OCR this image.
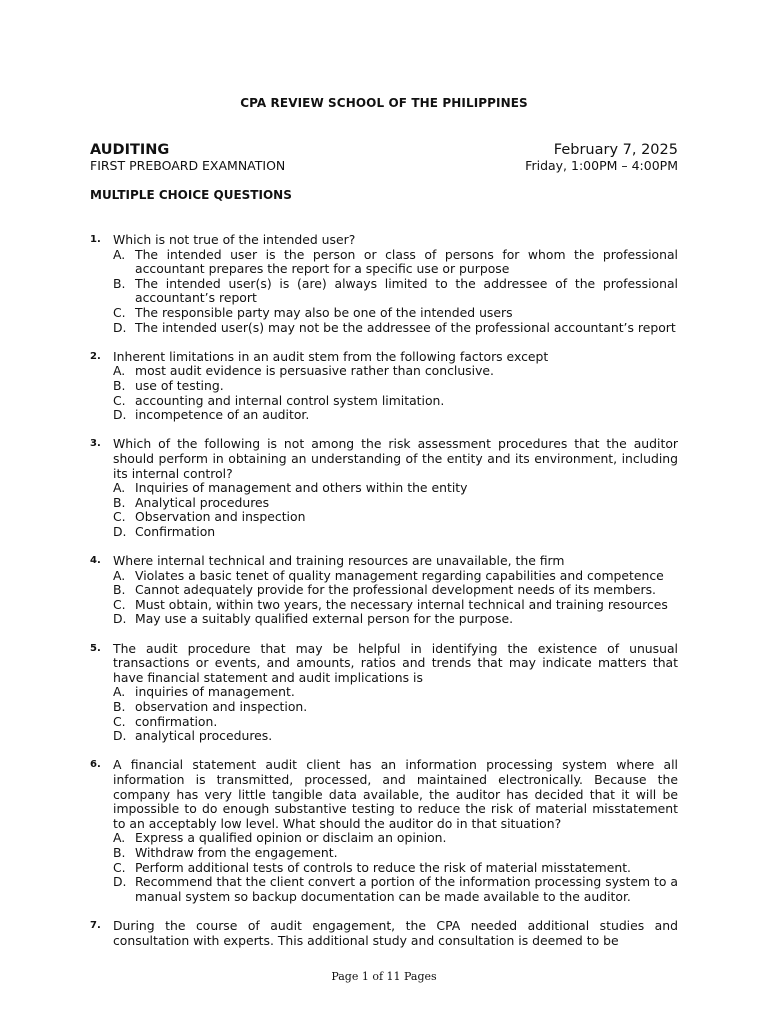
CPA REVIEW SCHOOL OF THE PHILIPPINES
AUDITING	February 7, 2025
FIRST PREBOARD EXAMNATION	Friday, 1:00PM – 4:00PM
MULTIPLE CHOICE QUESTIONS
1. Which is not true of the intended user?
A. The intended user is the person or class of persons for whom the professional accountant prepares the report for a specific use or purpose
B. The intended user(s) is (are) always limited to the addressee of the professional accountant’s report
C. The responsible party may also be one of the intended users
D. The intended user(s) may not be the addressee of the professional accountant’s report
2. Inherent limitations in an audit stem from the following factors except
A. most audit evidence is persuasive rather than conclusive.
B. use of testing.
C. accounting and internal control system limitation.
D. incompetence of an auditor.
3. Which of the following is not among the risk assessment procedures that the auditor should perform in obtaining an understanding of the entity and its environment, including its internal control?
A. Inquiries of management and others within the entity
B. Analytical procedures
C. Observation and inspection
D. Confirmation
4. Where internal technical and training resources are unavailable, the firm
A. Violates a basic tenet of quality management regarding capabilities and competence
B. Cannot adequately provide for the professional development needs of its members.
C. Must obtain, within two years, the necessary internal technical and training resources
D. May use a suitably qualified external person for the purpose.
5. The audit procedure that may be helpful in identifying the existence of unusual transactions or events, and amounts, ratios and trends that may indicate matters that have financial statement and audit implications is
A. inquiries of management.
B. observation and inspection.
C. confirmation.
D. analytical procedures.
6. A financial statement audit client has an information processing system where all information is transmitted, processed, and maintained electronically. Because the company has very little tangible data available, the auditor has decided that it will be impossible to do enough substantive testing to reduce the risk of material misstatement to an acceptably low level. What should the auditor do in that situation?
A. Express a qualified opinion or disclaim an opinion.
B. Withdraw from the engagement.
C. Perform additional tests of controls to reduce the risk of material misstatement.
D. Recommend that the client convert a portion of the information processing system to a manual system so backup documentation can be made available to the auditor.
7. During the course of audit engagement, the CPA needed additional studies and consultation with experts. This additional study and consultation is deemed to be
Page 1 of 11 Pages
